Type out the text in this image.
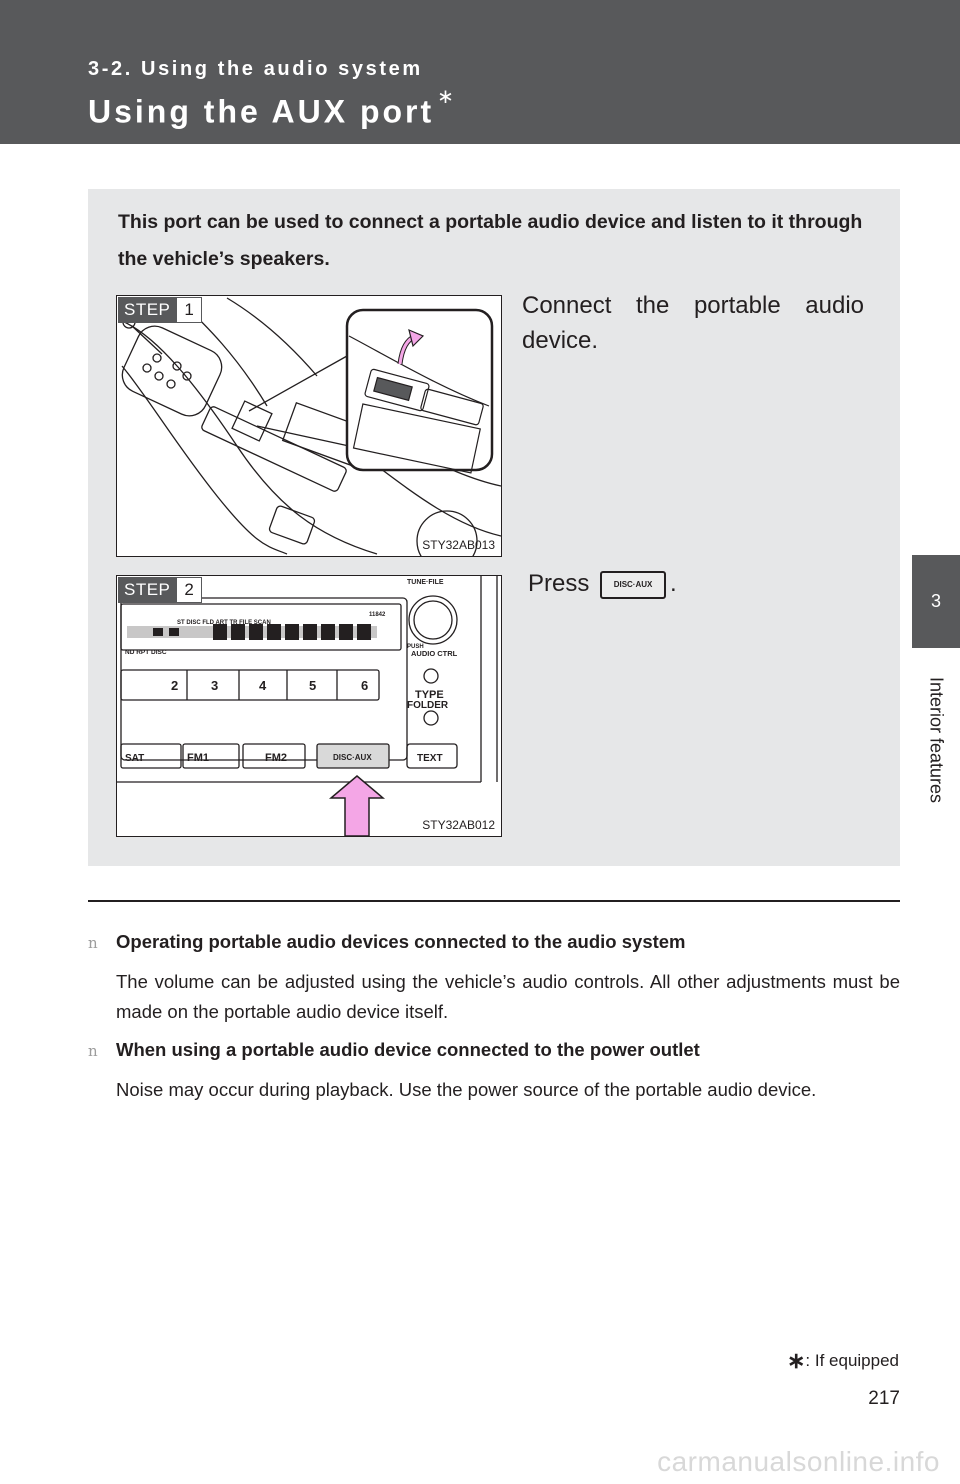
3-2. Using the audio system
Using the AUX port ∗
3
Interior features
This port can be used to connect a portable audio device and listen to it through the vehicle’s speakers.
STEP 1
STY32AB013
Connect the portable audio device.
ST DISC FLD ART TR FILE SCAN
11842
ND RPT DISC
TUNE·FILE
PUSH
AUDIO CTRL
2	3	4	5	6
TYPE
FOLDER
SAT	FM1	FM2	DISC·AUX	TEXT
STEP 2
STY32AB012
Press	DISC·AUX .
n Operating portable audio devices connected to the audio system
The volume can be adjusted using the vehicle’s audio controls. All other adjustments must be made on the portable audio device itself.
n When using a portable audio device connected to the power outlet
Noise may occur during playback. Use the power source of the portable audio device.
∗: If equipped
217
carmanualsonline.info
